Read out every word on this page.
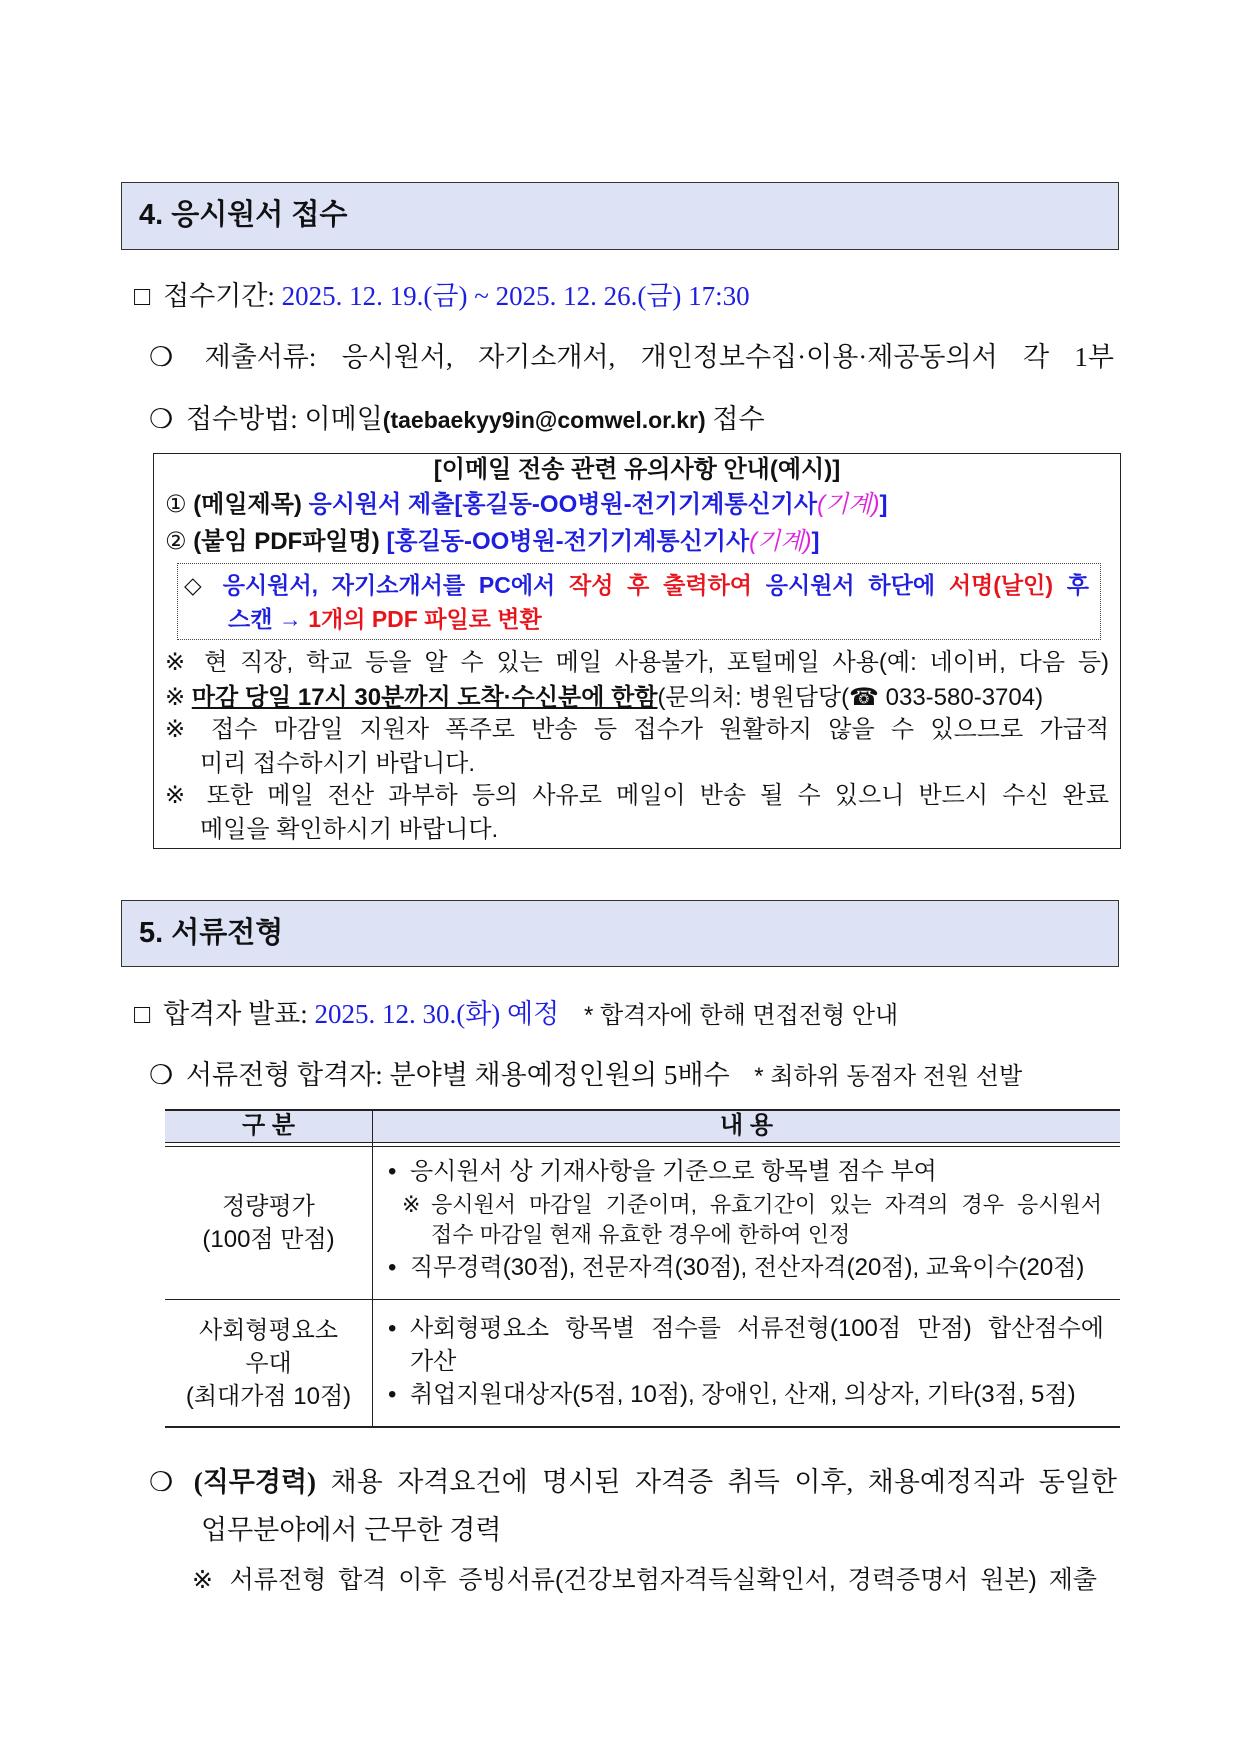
4. 응시원서 접수
□ 접수기간: 2025. 12. 19.(금) ~ 2025. 12. 26.(금) 17:30
❍ 제출서류: 응시원서, 자기소개서, 개인정보수집·이용·제공동의서 각 1부
❍ 접수방법: 이메일(taebaekyy9in@comwel.or.kr) 접수
[이메일 전송 관련 유의사항 안내(예시)]
① (메일제목) 응시원서 제출[홍길동-OO병원-전기기계통신기사(기계)]
② (붙임 PDF파일명) [홍길동-OO병원-전기기계통신기사(기계)]
◇ 응시원서, 자기소개서를 PC에서 작성 후 출력하여 응시원서 하단에 서명(날인) 후
스캔 → 1개의 PDF 파일로 변환
※ 현 직장, 학교 등을 알 수 있는 메일 사용불가, 포털메일 사용(예: 네이버, 다음 등)
※ 마감 당일 17시 30분까지 도착·수신분에 한함(문의처: 병원담당(☎ 033-580-3704)
※ 접수 마감일 지원자 폭주로 반송 등 접수가 원활하지 않을 수 있으므로 가급적
미리 접수하시기 바랍니다.
※ 또한 메일 전산 과부하 등의 사유로 메일이 반송 될 수 있으니 반드시 수신 완료
메일을 확인하시기 바랍니다.
5. 서류전형
□ 합격자 발표: 2025. 12. 30.(화) 예정 * 합격자에 한해 면접전형 안내
❍ 서류전형 합격자: 분야별 채용예정인원의 5배수 * 최하위 동점자 전원 선발
구 분	내 용
정량평가
(100점 만점)
• 응시원서 상 기재사항을 기준으로 항목별 점수 부여
※ 응시원서 마감일 기준이며, 유효기간이 있는 자격의 경우 응시원서
접수 마감일 현재 유효한 경우에 한하여 인정
• 직무경력(30점), 전문자격(30점), 전산자격(20점), 교육이수(20점)
사회형평요소
우대
(최대가점 10점)
• 사회형평요소 항목별 점수를 서류전형(100점 만점) 합산점수에
가산
• 취업지원대상자(5점, 10점), 장애인, 산재, 의상자, 기타(3점, 5점)
❍ (직무경력) 채용 자격요건에 명시된 자격증 취득 이후, 채용예정직과 동일한
업무분야에서 근무한 경력
※ 서류전형 합격 이후 증빙서류(건강보험자격득실확인서, 경력증명서 원본) 제출
